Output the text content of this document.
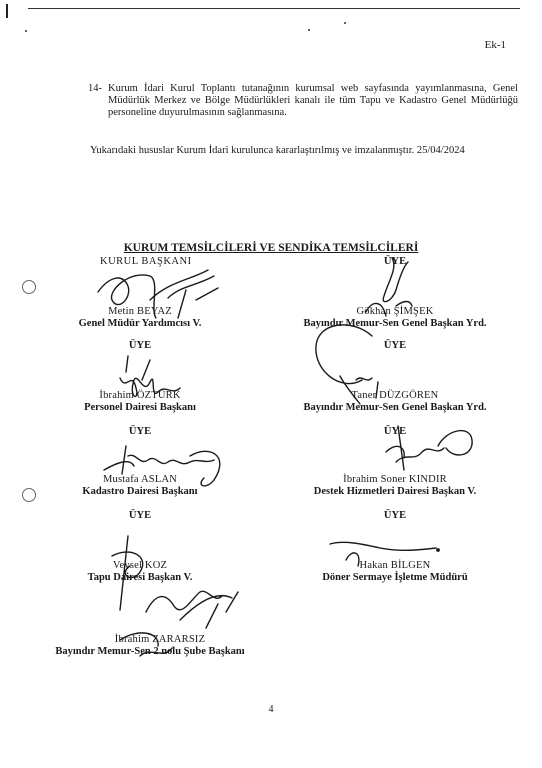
Ek-1
14- Kurum İdari Kurul Toplantı tutanağının kurumsal web sayfasında yayımlanmasına, Genel Müdürlük Merkez ve Bölge Müdürlükleri kanalı ile tüm Tapu ve Kadastro Genel Müdürlüğü personeline duyurulmasının sağlanmasına.
Yukarıdaki hususlar Kurum İdari kurulunca kararlaştırılmış ve imzalanmıştır. 25/04/2024
KURUM TEMSİLCİLERİ VE SENDİKA TEMSİLCİLERİ
KURUL BAŞKANI
Metin BEYAZ
Genel Müdür Yardımcısı V.
ÜYE
İbrahim ÖZTÜRK
Personel Dairesi Başkanı
ÜYE
Mustafa ASLAN
Kadastro Dairesi Başkanı
ÜYE
Veysel KOZ
Tapu Dairesi Başkan V.
İbrahim ZARARSIZ
Bayındır Memur-Sen 2 nolu Şube Başkanı
ÜYE
Gökhan ŞİMŞEK
Bayındır Memur-Sen Genel Başkan Yrd.
ÜYE
Taner DÜZGÖREN
Bayındır Memur-Sen Genel Başkan Yrd.
ÜYE
İbrahim Soner KINDIR
Destek Hizmetleri Dairesi Başkan V.
ÜYE
Hakan BİLGEN
Döner Sermaye İşletme Müdürü
4
